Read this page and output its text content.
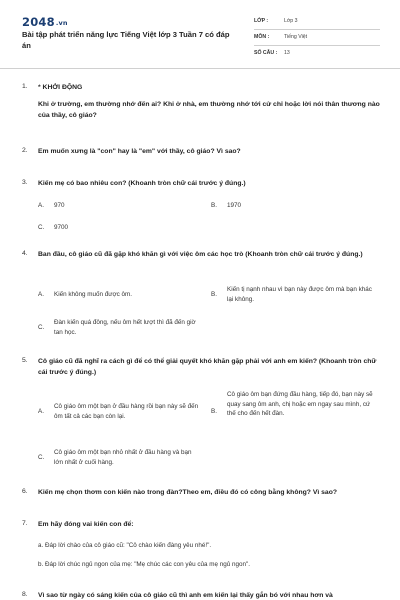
2048.vn
Bài tập phát triển năng lực Tiếng Việt lớp 3 Tuần 7 có đáp án
LỚP :	Lớp 3
MÔN :	Tiếng Việt
SỐ CÂU : 13
1. * KHỞI ĐỘNG
Khi ở trường, em thường nhớ đến ai? Khi ở nhà, em thường nhớ tới cử chỉ hoặc lời nói thân thương nào của thầy, cô giáo?
2. Em muốn xưng là "con" hay là "em" với thầy, cô giáo? Vì sao?
3. Kiến mẹ có bao nhiêu con? (Khoanh tròn chữ cái trước ý đúng.)
A. 970	B. 1970
C. 9700
4. Ban đầu, cô giáo cũ đã gặp khó khăn gì với việc ôm các học trò (Khoanh tròn chữ cái trước ý đúng.)
A. Kiến không muốn được ôm.	B.
Kiến tị nạnh nhau vì bạn này được ôm mà bạn khác lại không.
C.
Đàn kiến quá đông, nếu ôm hết lượt thì đã đến giờ tan học.
5. Cô giáo cũ đã nghĩ ra cách gì để có thể giải quyết khó khăn gặp phải với anh em kiến? (Khoanh tròn chữ cái trước ý đúng.)
A.
Cô giáo ôm một bạn ở đầu hàng rồi bạn này sẽ đến ôm tất cả các bạn còn lại.
B.
Cô giáo ôm bạn đứng đầu hàng, tiếp đó, bạn này sẽ quay sang ôm anh, chị hoặc em ngay sau mình, cứ thế cho đến hết đàn.
C.
Cô giáo ôm một bạn nhỏ nhất ở đầu hàng và bạn lớn nhất ở cuối hàng.
6. Kiến mẹ chọn thơm con kiến nào trong đàn?Theo em, điều đó có công bằng không? Vì sao?
7. Em hãy đóng vai kiến con để:
a. Đáp lời chào của cô giáo cũ: "Cô chào kiến đàng yêu nhé!".
b. Đáp lời chúc ngủ ngon của mẹ: "Mẹ chúc các con yêu của mẹ ngủ ngon".
8. Vì sao từ ngày có sáng kiến của cô giáo cũ thì anh em kiến lại thấy gắn bó với nhau hơn và
